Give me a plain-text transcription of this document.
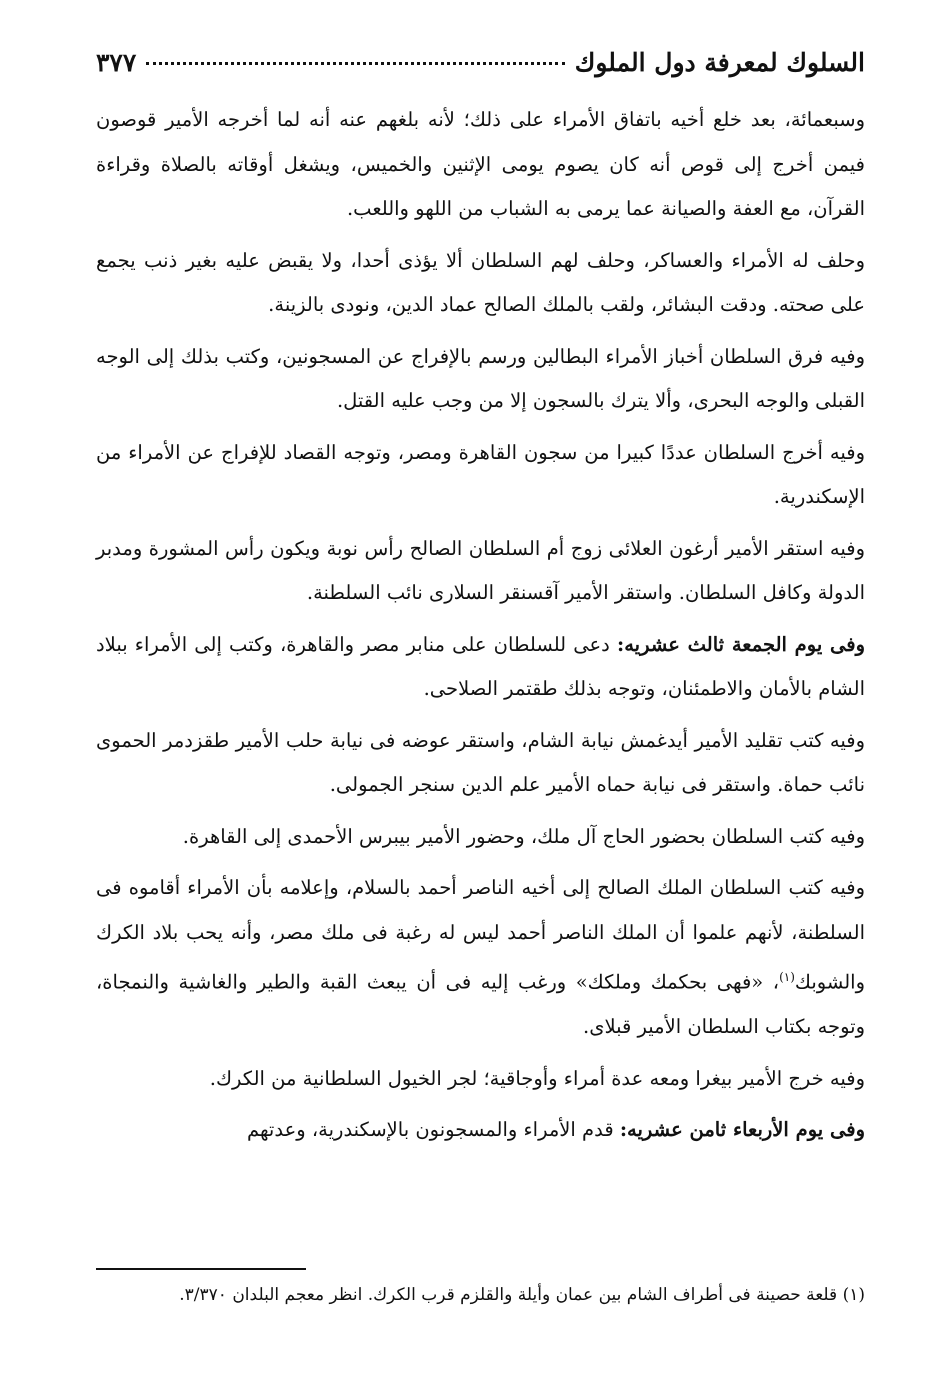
السلوك لمعرفة دول الملوك
٣٧٧

وسبعمائة، بعد خلع أخيه باتفاق الأمراء على ذلك؛ لأنه بلغهم عنه أنه لما أخرجه الأمير قوصون فيمن أخرج إلى قوص أنه كان يصوم يومى الإثنين والخميس، ويشغل أوقاته بالصلاة وقراءة القرآن، مع العفة والصيانة عما يرمى به الشباب من اللهو واللعب.

وحلف له الأمراء والعساكر، وحلف لهم السلطان ألا يؤذى أحدا، ولا يقبض عليه بغير ذنب يجمع على صحته. ودقت البشائر، ولقب بالملك الصالح عماد الدين، ونودى بالزينة.

وفيه فرق السلطان أخباز الأمراء البطالين ورسم بالإفراج عن المسجونين، وكتب بذلك إلى الوجه القبلى والوجه البحرى، وألا يترك بالسجون إلا من وجب عليه القتل.

وفيه أخرج السلطان عددًا كبيرا من سجون القاهرة ومصر، وتوجه القصاد للإفراج عن الأمراء من الإسكندرية.

وفيه استقر الأمير أرغون العلائى زوج أم السلطان الصالح رأس نوبة ويكون رأس المشورة ومدبر الدولة وكافل السلطان. واستقر الأمير آقسنقر السلارى نائب السلطنة.

وفى يوم الجمعة ثالث عشريه: دعى للسلطان على منابر مصر والقاهرة، وكتب إلى الأمراء ببلاد الشام بالأمان والاطمئنان، وتوجه بذلك طقتمر الصلاحى.

وفيه كتب تقليد الأمير أيدغمش نيابة الشام، واستقر عوضه فى نيابة حلب الأمير طقزدمر الحموى نائب حماة. واستقر فى نيابة حماه الأمير علم الدين سنجر الجمولى.

وفيه كتب السلطان بحضور الحاج آل ملك، وحضور الأمير بيبرس الأحمدى إلى القاهرة.

وفيه كتب السلطان الملك الصالح إلى أخيه الناصر أحمد بالسلام، وإعلامه بأن الأمراء أقاموه فى السلطنة، لأنهم علموا أن الملك الناصر أحمد ليس له رغبة فى ملك مصر، وأنه يحب بلاد الكرك والشوبك$^{(١)}$، «فهى بحكمك وملكك» ورغب إليه فى أن يبعث القبة والطير والغاشية والنمجاة، وتوجه بكتاب السلطان الأمير قبلاى.

وفيه خرج الأمير بيغرا ومعه عدة أمراء وأوجاقية؛ لجر الخيول السلطانية من الكرك.

وفى يوم الأربعاء ثامن عشريه: قدم الأمراء والمسجونون بالإسكندرية، وعدتهم

(١) قلعة حصينة فى أطراف الشام بين عمان وأيلة والقلزم قرب الكرك. انظر معجم البلدان ٣/٣٧٠.
